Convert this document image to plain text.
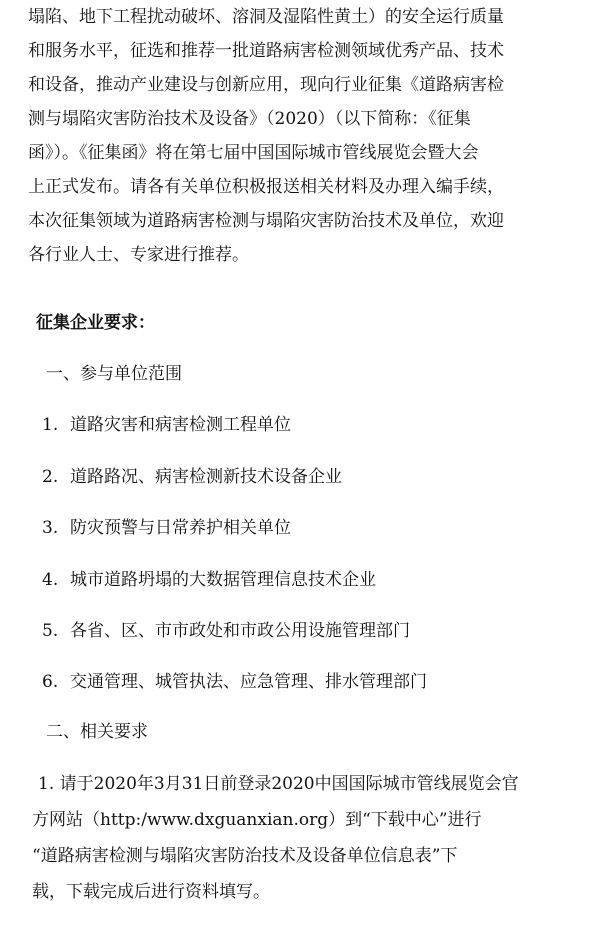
塌陷、地下工程扰动破坏、溶洞及湿陷性黄土）的安全运行质量
和服务水平，征选和推荐一批道路病害检测领域优秀产品、技术
和设备，推动产业建设与创新应用，现向行业征集《道路病害检
测与塌陷灾害防治技术及设备》（2020）（以下简称：《征集
函》）。《征集函》将在第七届中国国际城市管线展览会暨大会
上正式发布。请各有关单位积极报送相关材料及办理入编手续，
本次征集领域为道路病害检测与塌陷灾害防治技术及单位，欢迎
各行业人士、专家进行推荐。
征集企业要求：
一、参与单位范围
1. 道路灾害和病害检测工程单位
2. 道路路况、病害检测新技术设备企业
3. 防灾预警与日常养护相关单位
4. 城市道路坍塌的大数据管理信息技术企业
5. 各省、区、市市政处和市政公用设施管理部门
6. 交通管理、城管执法、应急管理、排水管理部门
二、相关要求
1. 请于2020年3月31日前登录2020中国国际城市管线展览会官
方网站（http:/www.dxguanxian.org）到“下载中心”进行
“道路病害检测与塌陷灾害防治技术及设备单位信息表”下
载，下载完成后进行资料填写。
